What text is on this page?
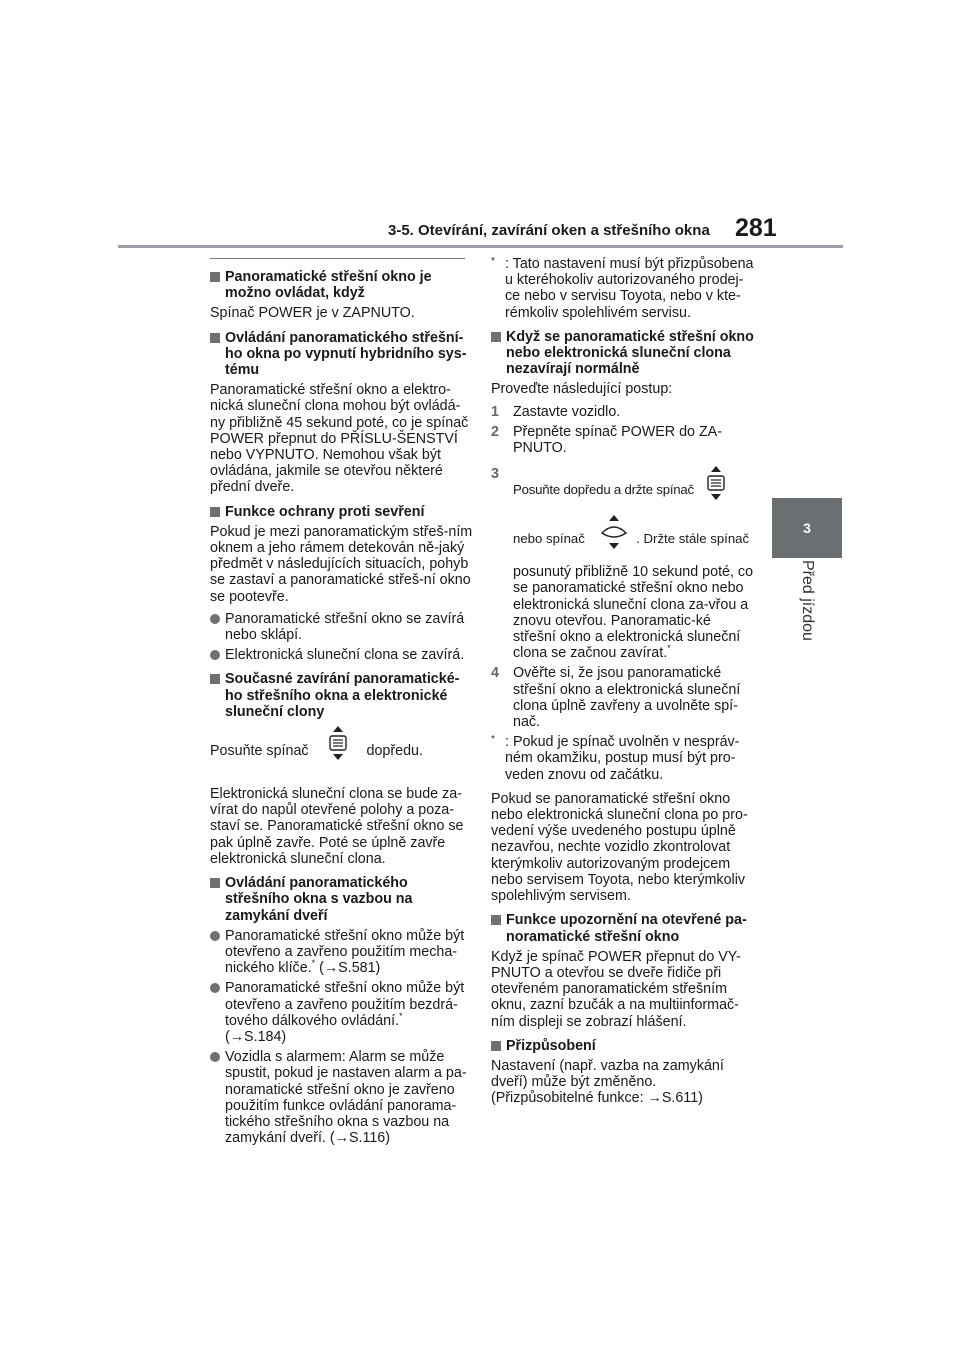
3-5. Otevírání, zavírání oken a střešního okna 281
3
Před jízdou
Panoramatické střešní okno je možno ovládat, když
Spínač POWER je v ZAPNUTO.
Ovládání panoramatického střešní-ho okna po vypnutí hybridního sys-tému
Panoramatické střešní okno a elektro-nická sluneční clona mohou být ovládá-ny přibližně 45 sekund poté, co je spínač POWER přepnut do PŘÍSLU-ŠENSTVÍ nebo VYPNUTO. Nemohou však být ovládána, jakmile se otevřou některé přední dveře.
Funkce ochrany proti sevření
Pokud je mezi panoramatickým střeš-ním oknem a jeho rámem detekován ně-jaký předmět v následujících situacích, pohyb se zastaví a panoramatické střeš-ní okno se pootevře.
Panoramatické střešní okno se zavírá nebo sklápí.
Elektronická sluneční clona se zavírá.
Současné zavírání panoramatické-ho střešního okna a elektronické sluneční clony
Posuňte spínač	dopředu.
Elektronická sluneční clona se bude za-vírat do napůl otevřené polohy a poza-staví se. Panoramatické střešní okno se pak úplně zavře. Poté se úplně zavře elektronická sluneční clona.
Ovládání panoramatického střešního okna s vazbou na zamykání dveří
Panoramatické střešní okno může být otevřeno a zavřeno použitím mecha-nického klíče.* (→S.581)
Panoramatické střešní okno může být otevřeno a zavřeno použitím bezdrá-tového dálkového ovládání.*
(→S.184)
Vozidla s alarmem: Alarm se může spustit, pokud je nastaven alarm a pa-noramatické střešní okno je zavřeno použitím funkce ovládání panorama-tického střešního okna s vazbou na zamykání dveří. (→S.116)
* : Tato nastavení musí být přizpůsobena u kteréhokoliv autorizovaného prodej-ce nebo v servisu Toyota, nebo v kte-rémkoliv spolehlivém servisu.
Když se panoramatické střešní okno nebo elektronická sluneční clona nezavírají normálně
Proveďte následující postup:
1 Zastavte vozidlo.
2 Přepněte spínač POWER do ZA-PNUTO.
3
Posuňte dopředu a držte spínač
nebo spínač	. Držte stále spínač
posunutý přibližně 10 sekund poté, co se panoramatické střešní okno nebo elektronická sluneční clona za-vřou a znovu otevřou. Panoramatic-ké střešní okno a elektronická sluneční clona se začnou zavírat.*
4 Ověřte si, že jsou panoramatické střešní okno a elektronická sluneční clona úplně zavřeny a uvolněte spí-nač.
* : Pokud je spínač uvolněn v nespráv-ném okamžiku, postup musí být pro-veden znovu od začátku.
Pokud se panoramatické střešní okno nebo elektronická sluneční clona po pro-vedení výše uvedeného postupu úplně nezavřou, nechte vozidlo zkontrolovat kterýmkoliv autorizovaným prodejcem nebo servisem Toyota, nebo kterýmkoliv spolehlivým servisem.
Funkce upozornění na otevřené pa-noramatické střešní okno
Když je spínač POWER přepnut do VY-PNUTO a otevřou se dveře řidiče při otevřeném panoramatickém střešním oknu, zazní bzučák a na multiinformač-ním displeji se zobrazí hlášení.
Přizpůsobení
Nastavení (např. vazba na zamykání dveří) může být změněno.
(Přizpůsobitelné funkce: →S.611)
